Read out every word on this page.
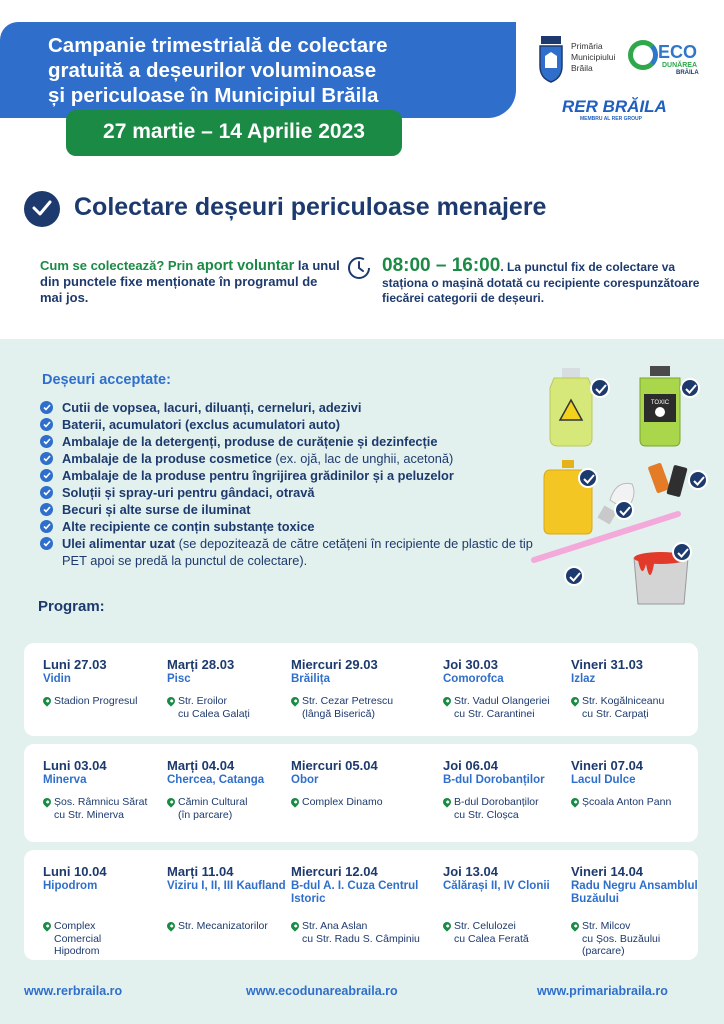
Campanie trimestrială de colectare
gratuită a deșeurilor voluminoase
și periculoase în Municipiul Brăila
27 martie – 14 Aprilie 2023
Primăria
Municipiului
Brăila
ECO
DUNĂREA
BRĂILA
RER BRĂILA
MEMBRU AL RER GROUP
Colectare deșeuri periculoase menajere
Cum se colectează? Prin aport voluntar la unul din punctele fixe menționate în programul de mai jos.
08:00 – 16:00. La punctul fix de colectare va staționa o mașină dotată cu recipiente corespunzătoare fiecărei categorii de deșeuri.
Deșeuri acceptate:
Cutii de vopsea, lacuri, diluanți, cerneluri, adezivi
Baterii, acumulatori (exclus acumulatori auto)
Ambalaje de la detergenți, produse de curățenie și dezinfecție
Ambalaje de la produse cosmetice (ex. ojă, lac de unghii, acetonă)
Ambalaje de la produse pentru îngrijirea grădinilor și a peluzelor
Soluții și spray-uri pentru gândaci, otravă
Becuri și alte surse de iluminat
Alte recipiente ce conțin substanțe toxice
Ulei alimentar uzat (se depozitează de către cetățeni în recipiente de plastic de tip PET apoi se predă la punctul de colectare).
TOXIC
Program:
Luni 27.03
Vidin
Stadion Progresul
Marți 28.03
Pisc
Str. Eroilor
cu Calea Galați
Miercuri 29.03
Brăilița
Str. Cezar Petrescu
(lângă Biserică)
Joi 30.03
Comorofca
Str. Vadul Olangeriei
cu Str. Carantinei
Vineri 31.03
Izlaz
Str. Kogălniceanu
cu Str. Carpați
Luni 03.04
Minerva
Șos. Râmnicu Sărat
cu Str. Minerva
Marți 04.04
Chercea, Catanga
Cămin Cultural
(în parcare)
Miercuri 05.04
Obor
Complex Dinamo
Joi 06.04
B-dul Dorobanților
B-dul Dorobanților
cu Str. Cloșca
Vineri 07.04
Lacul Dulce
Școala Anton Pann
Luni 10.04
Hipodrom
Complex
Comercial
Hipodrom
Marți 11.04
Viziru I, II, III Kaufland
Str. Mecanizatorilor
Miercuri 12.04
B-dul A. I. Cuza Centrul Istoric
Str. Ana Aslan
cu Str. Radu S. Câmpiniu
Joi 13.04
Călărași II, IV Clonii
Str. Celulozei
cu Calea Ferată
Vineri 14.04
Radu Negru Ansamblul Buzăului
Str. Milcov
cu Șos. Buzăului
(parcare)
www.rerbraila.ro	www.ecodunareabraila.ro	www.primariabraila.ro
